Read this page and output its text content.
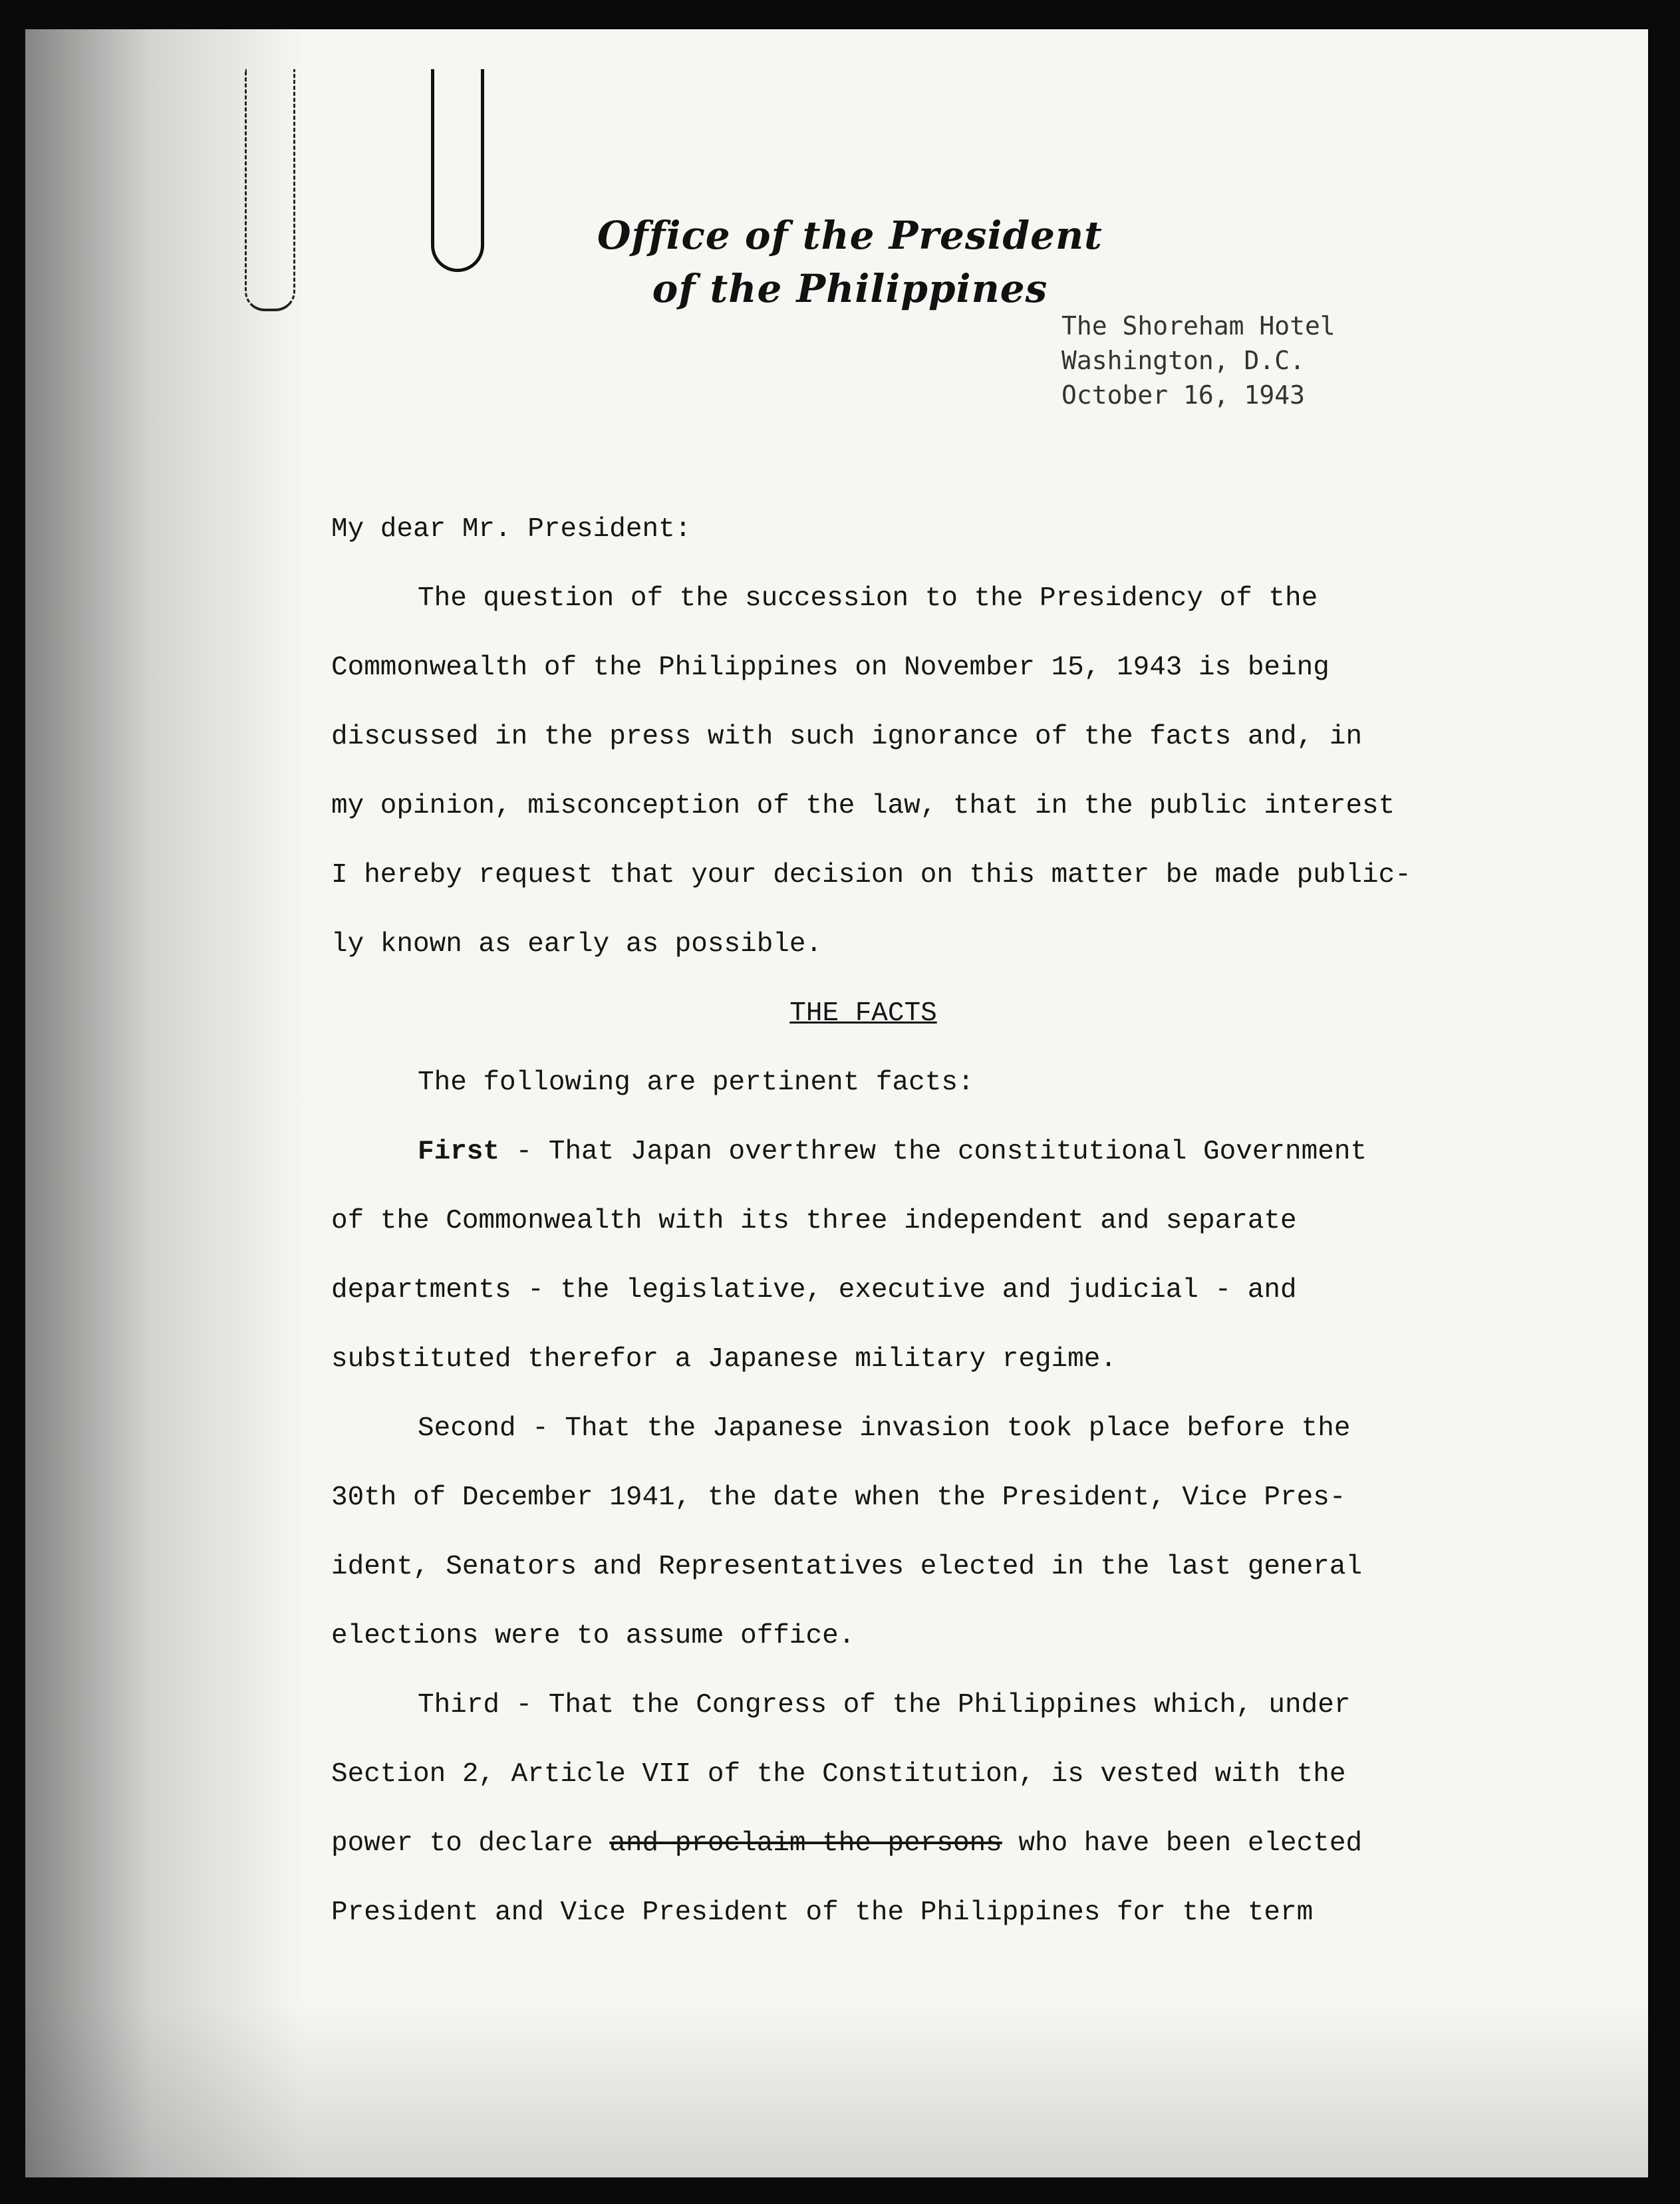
Office of the President
of the Philippines
The Shoreham Hotel
Washington, D.C.
October 16, 1943
My dear Mr. President:
The question of the succession to the Presidency of the
Commonwealth of the Philippines on November 15, 1943 is being
discussed in the press with such ignorance of the facts and, in
my opinion, misconception of the law, that in the public interest
I hereby request that your decision on this matter be made public-
ly known as early as possible.
THE FACTS
The following are pertinent facts:
First - That Japan overthrew the constitutional Government
of the Commonwealth with its three independent and separate
departments - the legislative, executive and judicial - and
substituted therefor a Japanese military regime.
Second - That the Japanese invasion took place before the
30th of December 1941, the date when the President, Vice Pres-
ident, Senators and Representatives elected in the last general
elections were to assume office.
Third - That the Congress of the Philippines which, under
Section 2, Article VII of the Constitution, is vested with the
power to declare and proclaim the persons who have been elected
President and Vice President of the Philippines for the term
